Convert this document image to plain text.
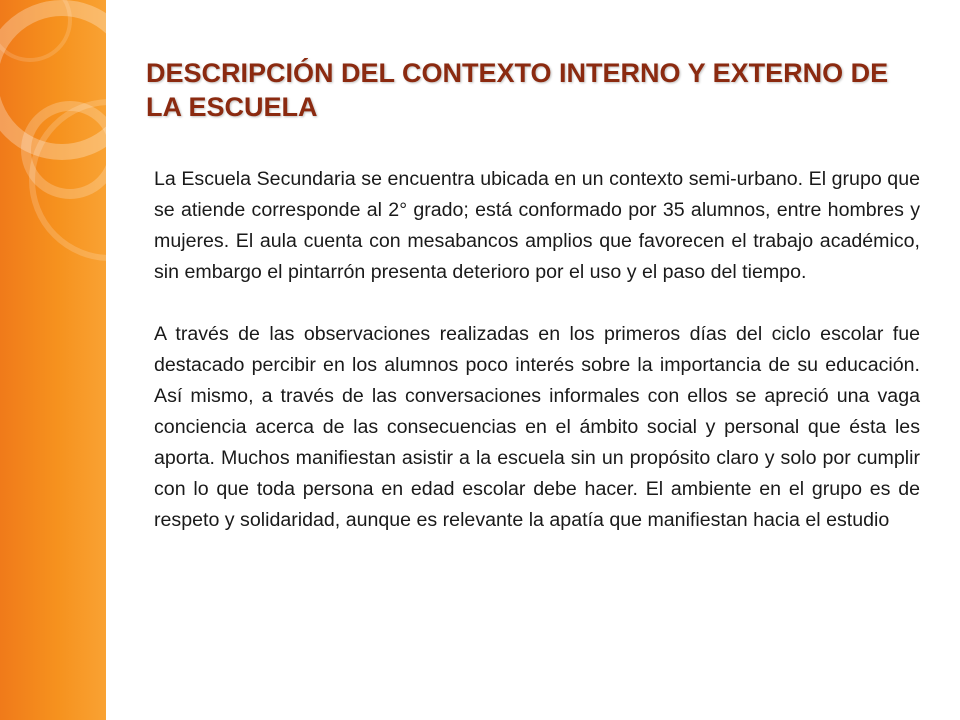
DESCRIPCIÓN DEL CONTEXTO INTERNO Y EXTERNO DE LA ESCUELA

La Escuela Secundaria se encuentra ubicada en un contexto semi-urbano. El grupo que se atiende corresponde al 2° grado; está conformado por 35 alumnos, entre hombres y mujeres. El aula cuenta con mesabancos amplios que favorecen el trabajo académico, sin embargo el pintarrón presenta deterioro por el uso y el paso del tiempo.

A través de las observaciones realizadas en los primeros días del ciclo escolar fue destacado percibir en los alumnos poco interés sobre la importancia de su educación. Así mismo, a través de las conversaciones informales con ellos se apreció una vaga conciencia acerca de las consecuencias en el ámbito social y personal que ésta les aporta. Muchos manifiestan asistir a la escuela sin un propósito claro y solo por cumplir con lo que toda persona en edad escolar debe hacer. El ambiente en el grupo es de respeto y solidaridad, aunque es relevante la apatía que manifiestan hacia el estudio
